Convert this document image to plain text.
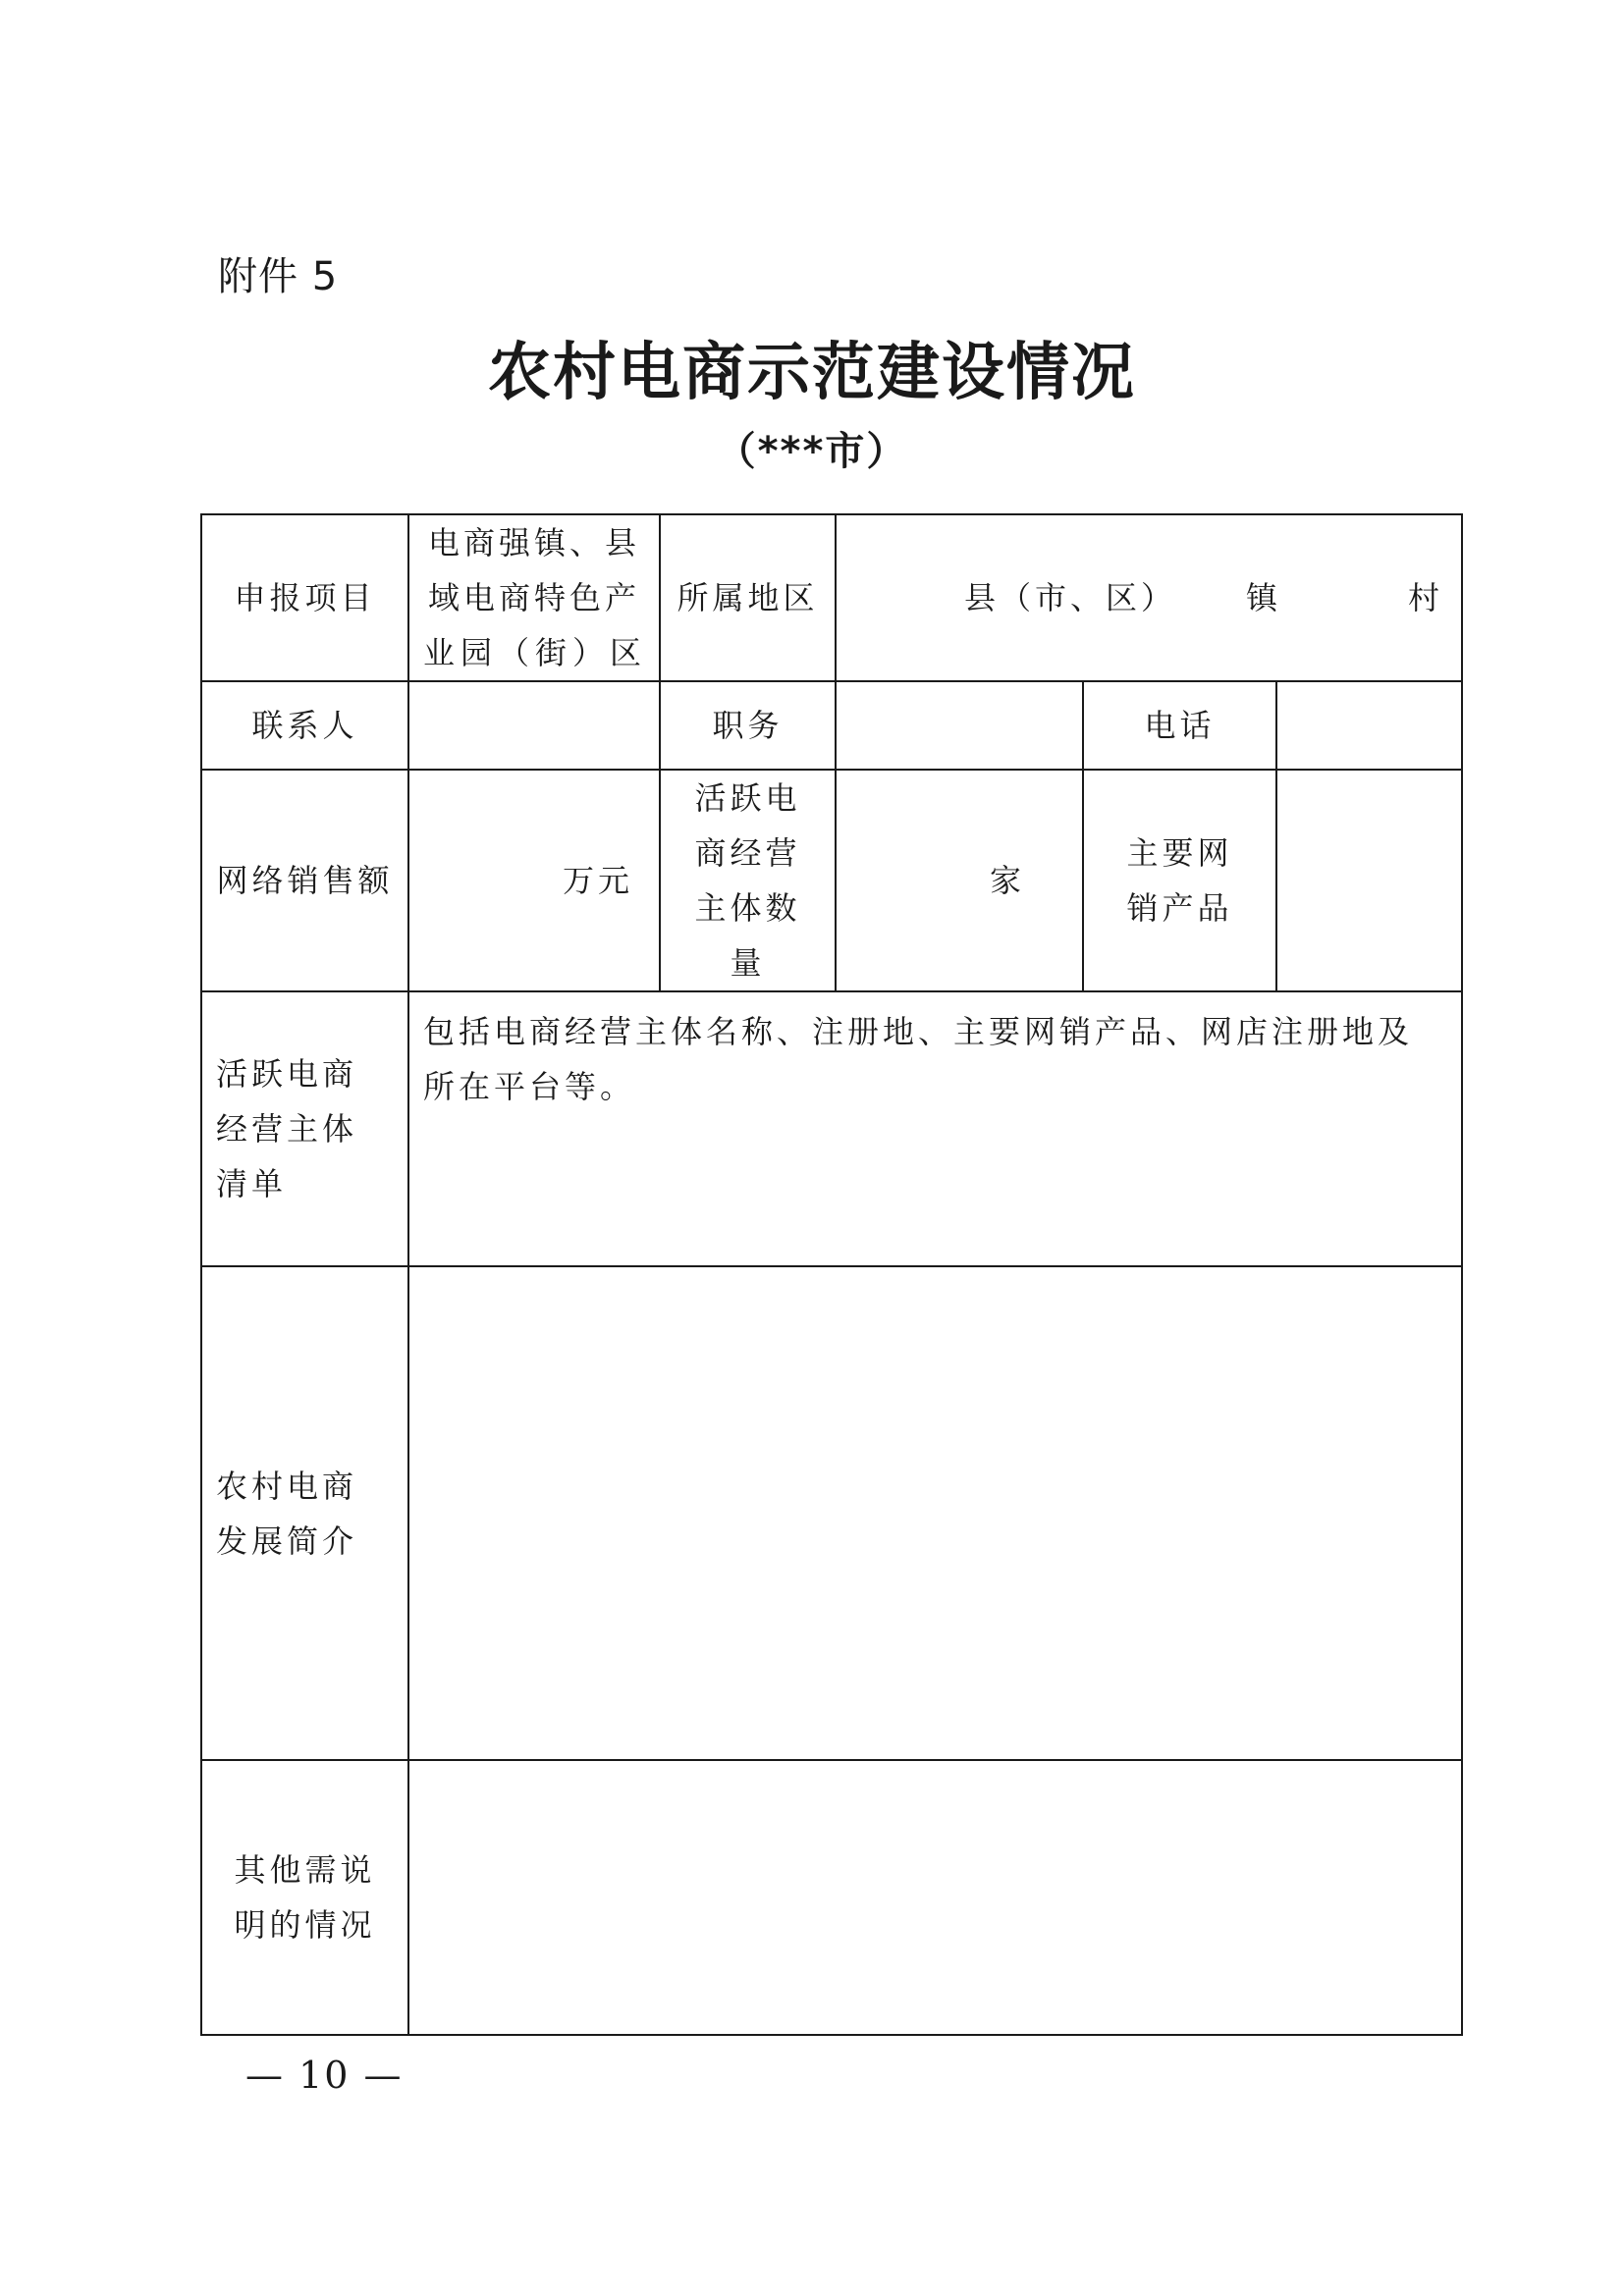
附件 5
农村电商示范建设情况
（***市）
申报项目	电商强镇、县域电商特色产业园（街）区	所属地区	县（市、区） 镇 村		

联系人		职务		电话	
网络销售额	万元	活跃电商经营主体数量	家	主要网销产品	
活跃电商经营主体清单	包括电商经营主体名称、注册地、主要网销产品、网店注册地及所在平台等。				
农村电商发展简介					
其他需说明的情况					
— 10 —
